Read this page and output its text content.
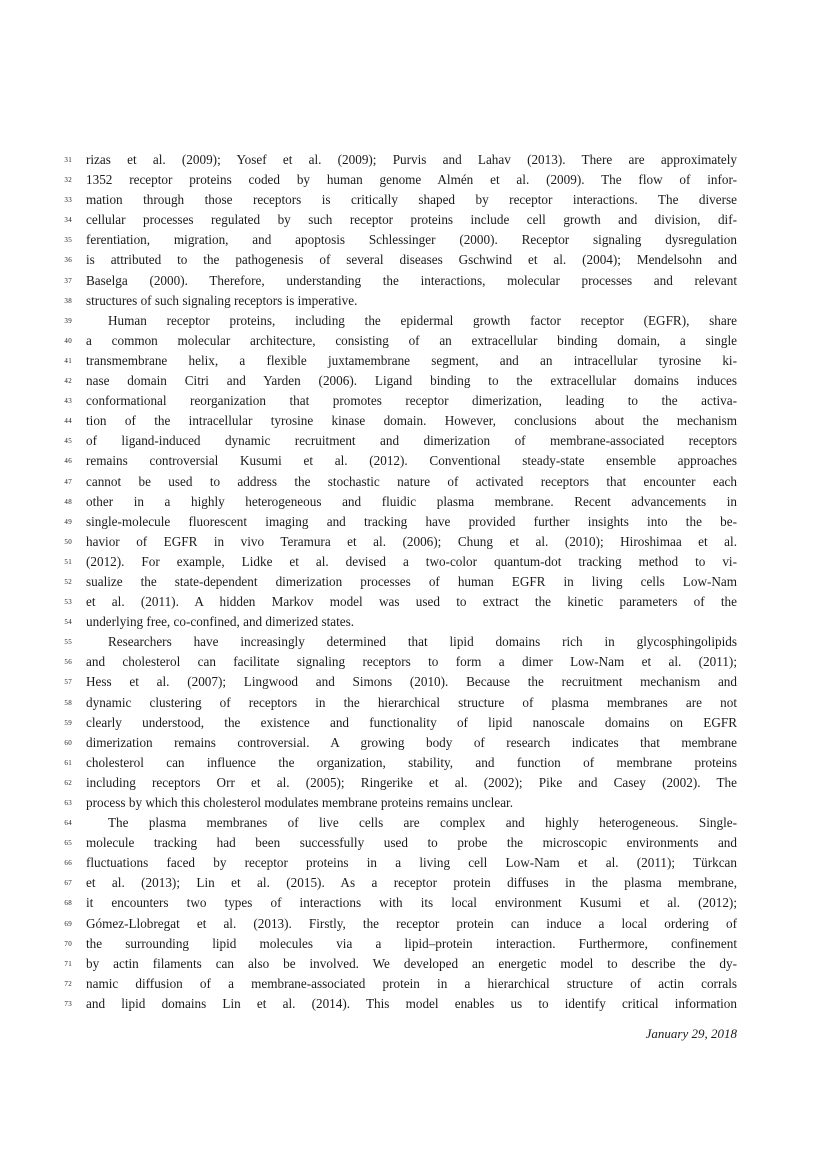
31 rizas et al. (2009); Yosef et al. (2009); Purvis and Lahav (2013). There are approximately
32 1352 receptor proteins coded by human genome Almén et al. (2009). The flow of infor-
33 mation through those receptors is critically shaped by receptor interactions. The diverse
34 cellular processes regulated by such receptor proteins include cell growth and division, dif-
35 ferentiation, migration, and apoptosis Schlessinger (2000). Receptor signaling dysregulation
36 is attributed to the pathogenesis of several diseases Gschwind et al. (2004); Mendelsohn and
37 Baselga (2000). Therefore, understanding the interactions, molecular processes and relevant
38 structures of such signaling receptors is imperative.
39	Human receptor proteins, including the epidermal growth factor receptor (EGFR), share
40 a common molecular architecture, consisting of an extracellular binding domain, a single
41 transmembrane helix, a flexible juxtamembrane segment, and an intracellular tyrosine ki-
42 nase domain Citri and Yarden (2006). Ligand binding to the extracellular domains induces
43 conformational reorganization that promotes receptor dimerization, leading to the activa-
44 tion of the intracellular tyrosine kinase domain. However, conclusions about the mechanism
45 of ligand-induced dynamic recruitment and dimerization of membrane-associated receptors
46 remains controversial Kusumi et al. (2012). Conventional steady-state ensemble approaches
47 cannot be used to address the stochastic nature of activated receptors that encounter each
48 other in a highly heterogeneous and fluidic plasma membrane. Recent advancements in
49 single-molecule fluorescent imaging and tracking have provided further insights into the be-
50 havior of EGFR in vivo Teramura et al. (2006); Chung et al. (2010); Hiroshimaa et al.
51 (2012). For example, Lidke et al. devised a two-color quantum-dot tracking method to vi-
52 sualize the state-dependent dimerization processes of human EGFR in living cells Low-Nam
53 et al. (2011). A hidden Markov model was used to extract the kinetic parameters of the
54 underlying free, co-confined, and dimerized states.
55	Researchers have increasingly determined that lipid domains rich in glycosphingolipids
56 and cholesterol can facilitate signaling receptors to form a dimer Low-Nam et al. (2011);
57 Hess et al. (2007); Lingwood and Simons (2010). Because the recruitment mechanism and
58 dynamic clustering of receptors in the hierarchical structure of plasma membranes are not
59 clearly understood, the existence and functionality of lipid nanoscale domains on EGFR
60 dimerization remains controversial. A growing body of research indicates that membrane
61 cholesterol can influence the organization, stability, and function of membrane proteins
62 including receptors Orr et al. (2005); Ringerike et al. (2002); Pike and Casey (2002). The
63 process by which this cholesterol modulates membrane proteins remains unclear.
64	The plasma membranes of live cells are complex and highly heterogeneous. Single-
65 molecule tracking had been successfully used to probe the microscopic environments and
66 fluctuations faced by receptor proteins in a living cell Low-Nam et al. (2011); Türkcan
67 et al. (2013); Lin et al. (2015). As a receptor protein diffuses in the plasma membrane,
68 it encounters two types of interactions with its local environment Kusumi et al. (2012);
69 Gómez-Llobregat et al. (2013). Firstly, the receptor protein can induce a local ordering of
70 the surrounding lipid molecules via a lipid–protein interaction. Furthermore, confinement
71 by actin filaments can also be involved. We developed an energetic model to describe the dy-
72 namic diffusion of a membrane-associated protein in a hierarchical structure of actin corrals
73 and lipid domains Lin et al. (2014). This model enables us to identify critical information
January 29, 2018
